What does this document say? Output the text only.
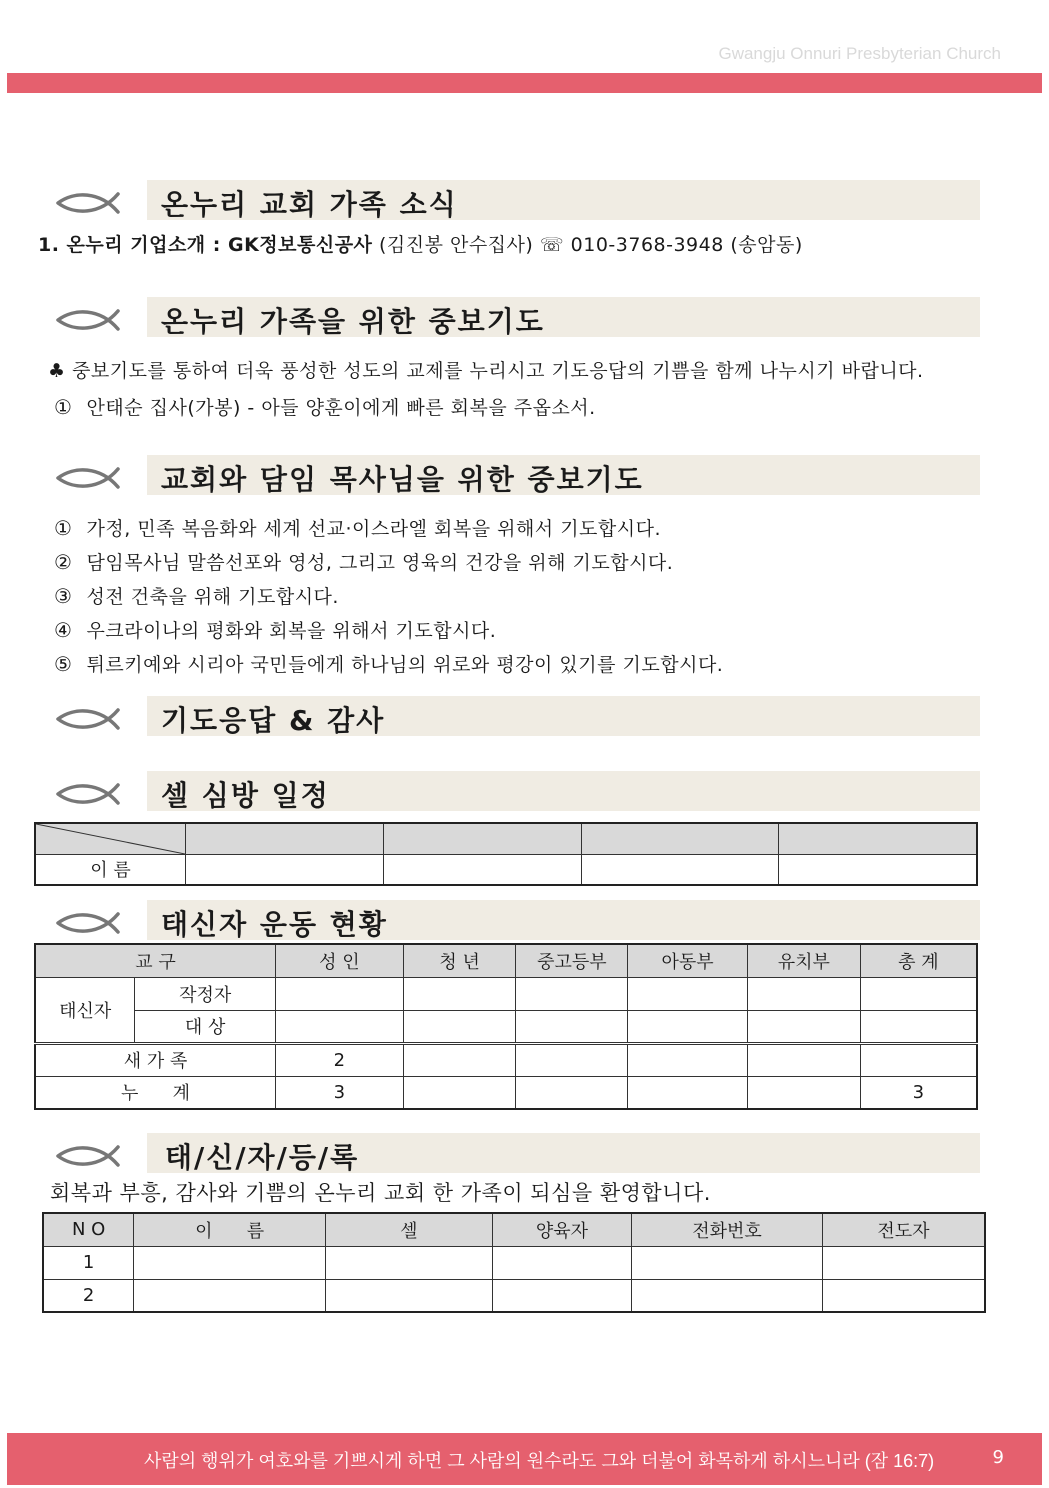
Gwangju Onnuri Presbyterian Church
온누리 교회 가족 소식
1. 온누리 기업소개 : GK정보통신공사 (김진봉 안수집사) ☏ 010-3768-3948 (송암동)
온누리 가족을 위한 중보기도
♣ 중보기도를 통하여 더욱 풍성한 성도의 교제를 누리시고 기도응답의 기쁨을 함께 나누시기 바랍니다.
① 안태순 집사(가봉) - 아들 양훈이에게 빠른 회복을 주옵소서.
교회와 담임 목사님을 위한 중보기도
① 가정, 민족 복음화와 세계 선교·이스라엘 회복을 위해서 기도합시다.
② 담임목사님 말씀선포와 영성, 그리고 영육의 건강을 위해 기도합시다.
③ 성전 건축을 위해 기도합시다.
④ 우크라이나의 평화와 회복을 위해서 기도합시다.
⑤ 튀르키예와 시리아 국민들에게 하나님의 위로와 평강이 있기를 기도합시다.
기도응답 & 감사
셀 심방 일정

이 름				
태신자 운동 현황
교 구		성 인	청 년	중고등부	아동부	유치부	총 계
태신자	작정자						
	대 상						
새 가 족		2					
누      계		3					3
태/신/자/등/록
회복과 부흥, 감사와 기쁨의 온누리 교회 한 가족이 되심을 환영합니다.
N O	이      름	셀	양육자	전화번호	전도자
1					
2					
사람의 행위가 여호와를 기쁘시게 하면 그 사람의 원수라도 그와 더불어 화목하게 하시느니라 (잠 16:7)	9
